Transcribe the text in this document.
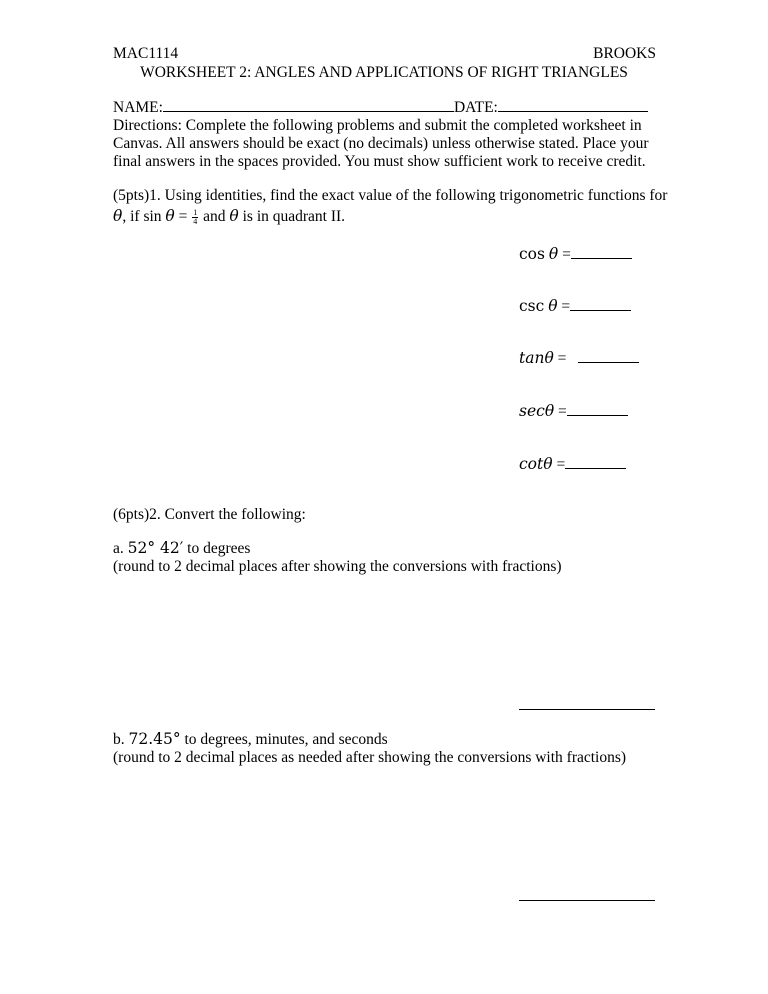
MAC1114	BROOKS
WORKSHEET 2: ANGLES AND APPLICATIONS OF RIGHT TRIANGLES
NAME:	DATE:
Directions: Complete the following problems and submit the completed worksheet in
Canvas. All answers should be exact (no decimals) unless otherwise stated. Place your
final answers in the spaces provided. You must show sufficient work to receive credit.
(5pts)1. Using identities, find the exact value of the following trigonometric functions for
θ, if $\sin \theta = \frac{1}{4}$ and θ is in quadrant II.
cos θ =
csc θ =
tanθ =
secθ =
cotθ =
(6pts)2. Convert the following:
a. 52° 42′ to degrees
(round to 2 decimal places after showing the conversions with fractions)
b. 72.45° to degrees, minutes, and seconds
(round to 2 decimal places as needed after showing the conversions with fractions)
